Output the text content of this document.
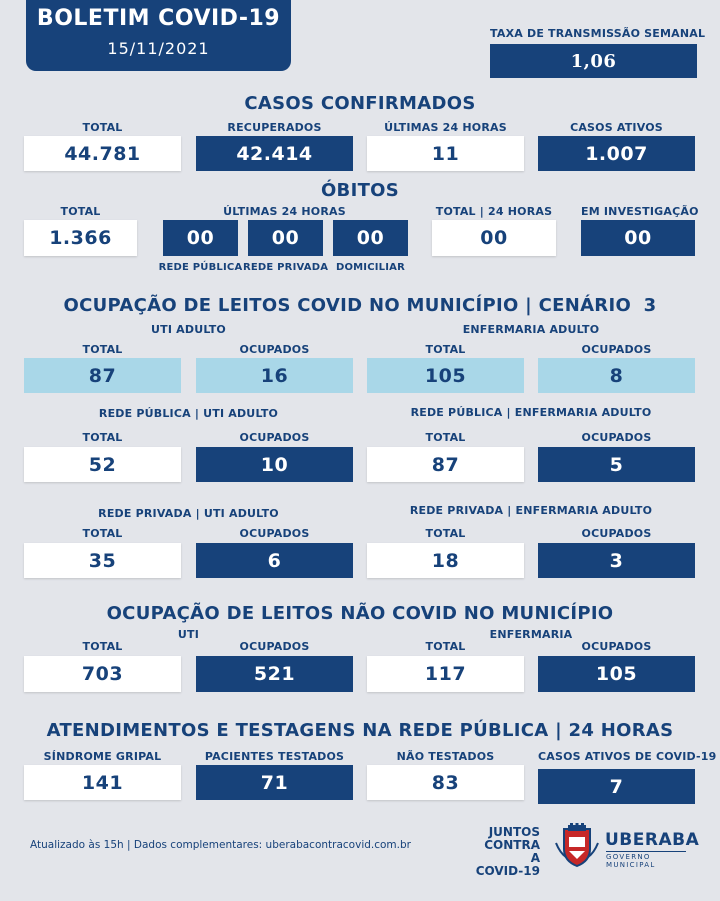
BOLETIM COVID-19
15/11/2021
TAXA DE TRANSMISSÃO SEMANAL
1,06
CASOS CONFIRMADOS
TOTAL
44.781
RECUPERADOS
42.414
ÚLTIMAS 24 HORAS
11
CASOS ATIVOS
1.007
ÓBITOS
TOTAL
1.366
ÚLTIMAS 24 HORAS
00
REDE PÚBLICA
00
REDE PRIVADA
00
DOMICILIAR
TOTAL | 24 HORAS
00
EM INVESTIGAÇÃO
00
OCUPAÇÃO DE LEITOS COVID NO MUNICÍPIO | CENÁRIO 3
UTI ADULTO	ENFERMARIA ADULTO
TOTAL	OCUPADOS	TOTAL	OCUPADOS
87	16	105	8
REDE PÚBLICA | UTI ADULTO	REDE PÚBLICA | ENFERMARIA ADULTO
TOTAL	OCUPADOS	TOTAL	OCUPADOS
52	10	87	5
REDE PRIVADA | UTI ADULTO	REDE PRIVADA | ENFERMARIA ADULTO
TOTAL	OCUPADOS	TOTAL	OCUPADOS
35	6	18	3
OCUPAÇÃO DE LEITOS NÃO COVID NO MUNICÍPIO
UTI	ENFERMARIA
TOTAL	OCUPADOS	TOTAL	OCUPADOS
703	521	117	105
ATENDIMENTOS E TESTAGENS NA REDE PÚBLICA | 24 HORAS
SÍNDROME GRIPAL
141
PACIENTES TESTADOS
71
NÃO TESTADOS
83
CASOS ATIVOS DE COVID-19
7
Atualizado às 15h | Dados complementares: uberabacontracovid.com.br
JUNTOS
CONTRA A
COVID-19
UBERABA
GOVERNO MUNICIPAL
